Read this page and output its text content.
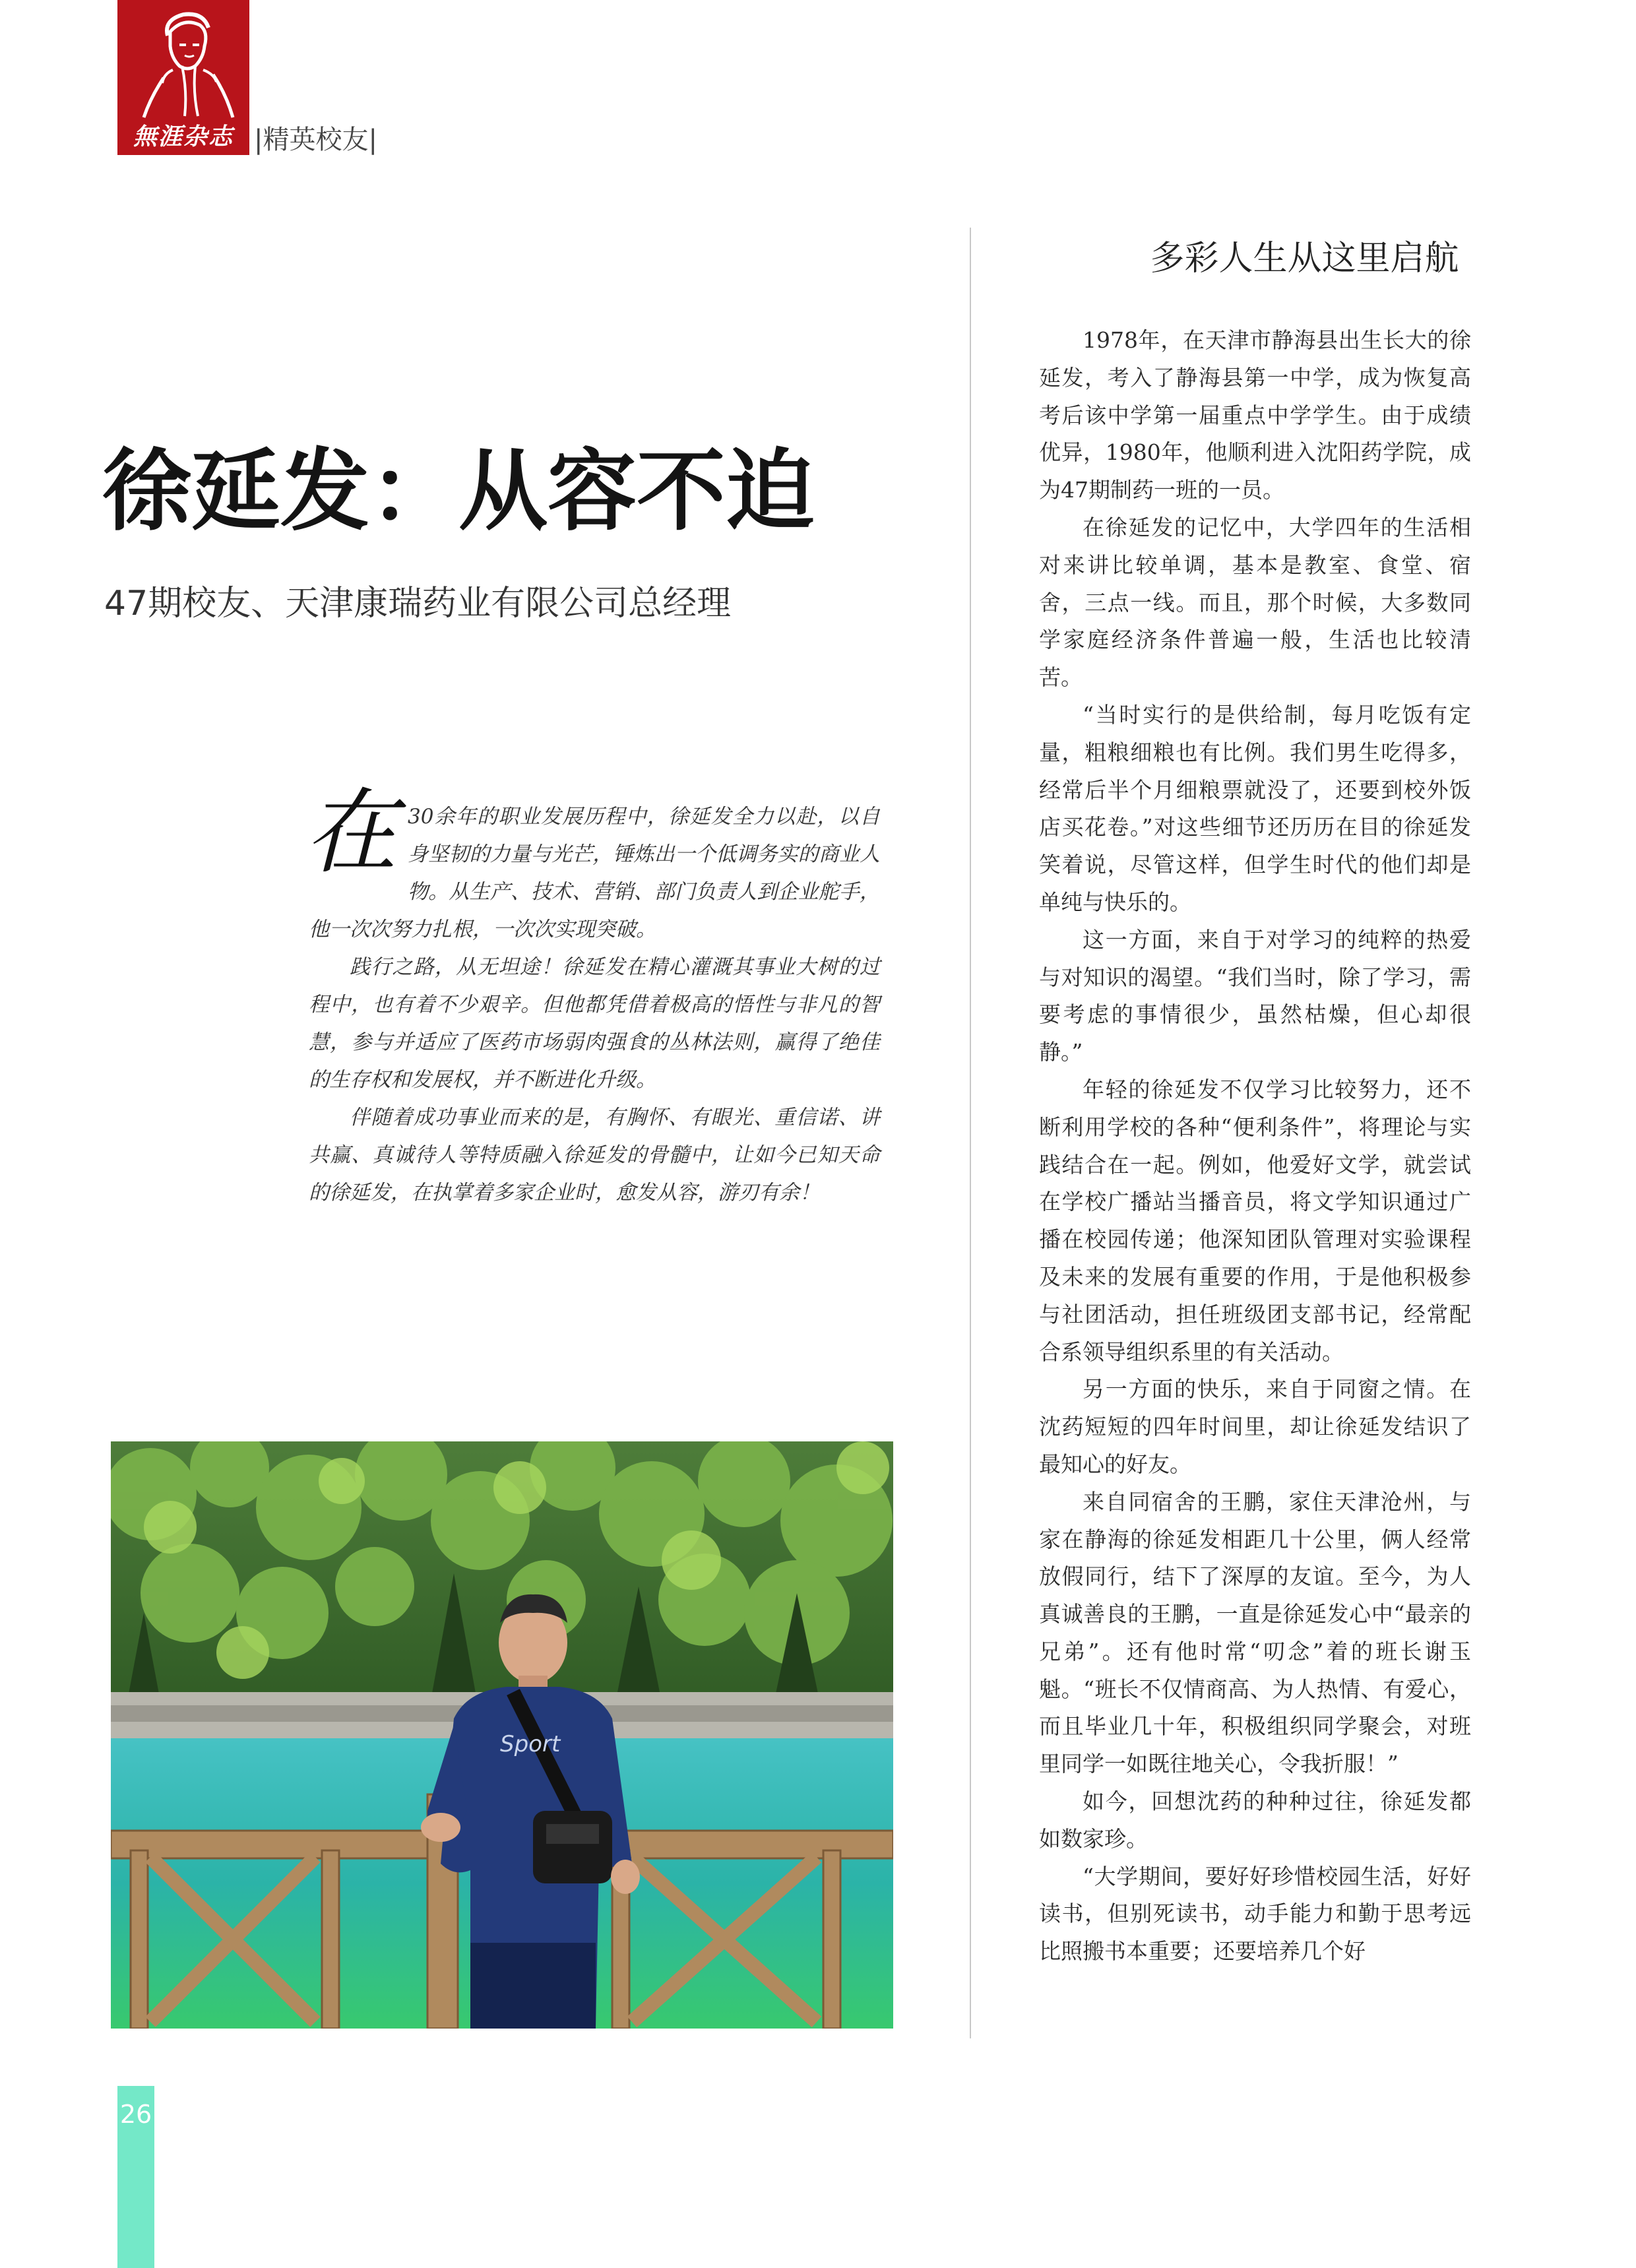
無涯杂志 |精英校友|
徐延发：从容不迫
47期校友、天津康瑞药业有限公司总经理
在 30余年的职业发展历程中，徐延发全力以赴，以自身坚韧的力量与光芒，锤炼出一个低调务实的商业人物。从生产、技术、营销、部门负责人到企业舵手，他一次次努力扎根，一次次实现突破。

践行之路，从无坦途！徐延发在精心灌溉其事业大树的过程中，也有着不少艰辛。但他都凭借着极高的悟性与非凡的智慧，参与并适应了医药市场弱肉强食的丛林法则，赢得了绝佳的生存权和发展权，并不断进化升级。

伴随着成功事业而来的是，有胸怀、有眼光、重信诺、讲共赢、真诚待人等特质融入徐延发的骨髓中，让如今已知天命的徐延发，在执掌着多家企业时，愈发从容，游刃有余！

Sport
多彩人生从这里启航

1978年，在天津市静海县出生长大的徐延发，考入了静海县第一中学，成为恢复高考后该中学第一届重点中学学生。由于成绩优异，1980年，他顺利进入沈阳药学院，成为47期制药一班的一员。

在徐延发的记忆中，大学四年的生活相对来讲比较单调，基本是教室、食堂、宿舍，三点一线。而且，那个时候，大多数同学家庭经济条件普遍一般，生活也比较清苦。

“当时实行的是供给制，每月吃饭有定量，粗粮细粮也有比例。我们男生吃得多，经常后半个月细粮票就没了，还要到校外饭店买花卷。”对这些细节还历历在目的徐延发笑着说，尽管这样，但学生时代的他们却是单纯与快乐的。

这一方面，来自于对学习的纯粹的热爱与对知识的渴望。“我们当时，除了学习，需要考虑的事情很少，虽然枯燥，但心却很静。”

年轻的徐延发不仅学习比较努力，还不断利用学校的各种“便利条件”，将理论与实践结合在一起。例如，他爱好文学，就尝试在学校广播站当播音员，将文学知识通过广播在校园传递；他深知团队管理对实验课程及未来的发展有重要的作用，于是他积极参与社团活动，担任班级团支部书记，经常配合系领导组织系里的有关活动。

另一方面的快乐，来自于同窗之情。在沈药短短的四年时间里，却让徐延发结识了最知心的好友。

来自同宿舍的王鹏，家住天津沧州，与家在静海的徐延发相距几十公里，俩人经常放假同行，结下了深厚的友谊。至今，为人真诚善良的王鹏，一直是徐延发心中“最亲的兄弟”。还有他时常“叨念”着的班长谢玉魁。“班长不仅情商高、为人热情、有爱心，而且毕业几十年，积极组织同学聚会，对班里同学一如既往地关心，令我折服！”

如今，回想沈药的种种过往，徐延发都如数家珍。

“大学期间，要好好珍惜校园生活，好好读书，但别死读书，动手能力和勤于思考远比照搬书本重要；还要培养几个好

26
